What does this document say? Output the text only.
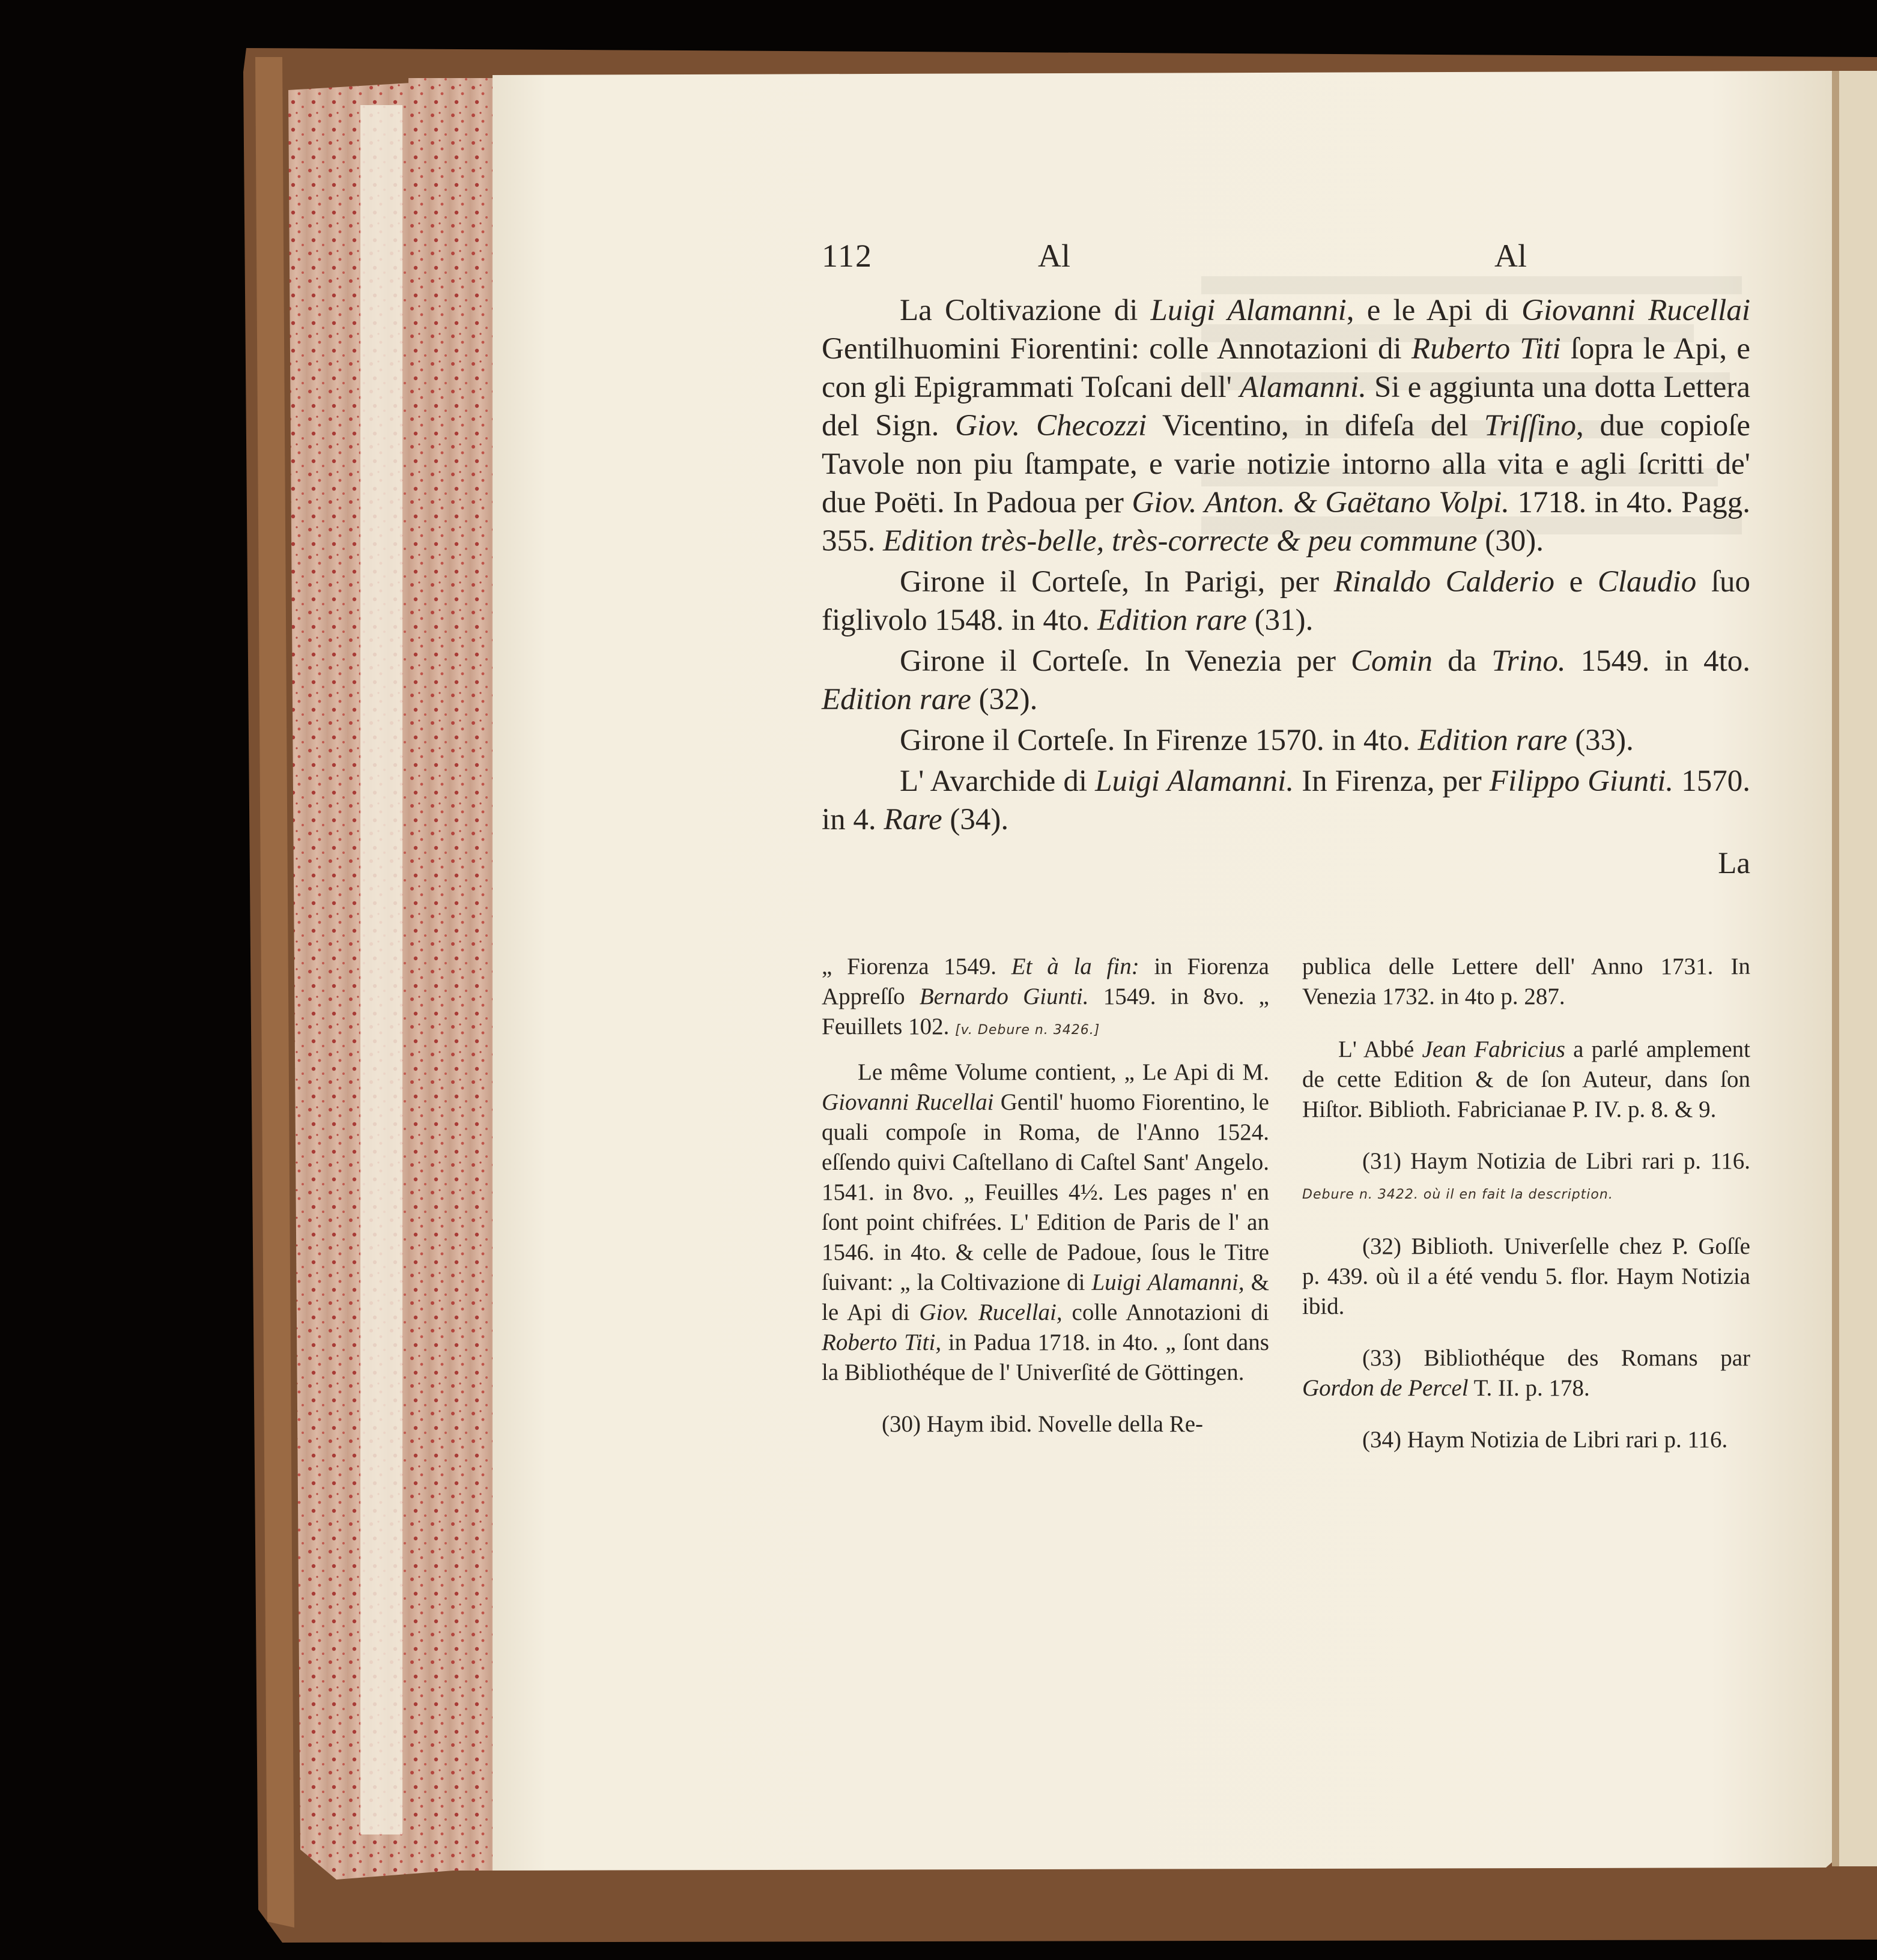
112	Al	Al

La Coltivazione di Luigi Alamanni, e le Api di Giovanni Rucellai Gentilhuomini Fiorentini: colle Annotazioni di Ruberto Titi ſopra le Api, e con gli Epigrammati Toſcani dell' Alamanni. Si e aggiunta una dotta Lettera del Sign. Giov. Checozzi Vicentino, in difeſa del Triſſino, due copioſe Tavole non piu ſtampate, e varie notizie intorno alla vita e agli ſcritti de' due Poëti. In Padoua per Giov. Anton. & Gaëtano Volpi. 1718. in 4to. Pagg. 355. Edition très-belle, très-correcte & peu commune (30).

Girone il Corteſe, In Parigi, per Rinaldo Calderio e Claudio ſuo figlivolo 1548. in 4to. Edition rare (31).

Girone il Corteſe. In Venezia per Comin da Trino. 1549. in 4to. Edition rare (32).

Girone il Corteſe. In Firenze 1570. in 4to. Edition rare (33).

L' Avarchide di Luigi Alamanni. In Firenza, per Filippo Giunti. 1570. in 4. Rare (34).

La

„ Fiorenza 1549. Et à la fin: in Fiorenza Appreſſo Bernardo Giunti. 1549. in 8vo. „ Feuillets 102. [v. Debure n. 3426.]

Le même Volume contient, „ Le Api di M. Giovanni Rucellai Gentil' huomo Fiorentino, le quali compoſe in Roma, de l'Anno 1524. eſſendo quivi Caſtellano di Caſtel Sant' Angelo. 1541. in 8vo. „ Feuilles 4½. Les pages n' en ſont point chifrées. L' Edition de Paris de l' an 1546. in 4to. & celle de Padoue, ſous le Titre ſuivant: „ la Coltivazione di Luigi Alamanni, & le Api di Giov. Rucellai, colle Annotazioni di Roberto Titi, in Padua 1718. in 4to. „ ſont dans la Bibliothéque de l' Univerſité de Göttingen.

(30) Haym ibid. Novelle della Re-

publica delle Lettere dell' Anno 1731. In Venezia 1732. in 4to p. 287.

L' Abbé Jean Fabricius a parlé amplement de cette Edition & de ſon Auteur, dans ſon Hiſtor. Biblioth. Fabricianae P. IV. p. 8. & 9.

(31) Haym Notizia de Libri rari p. 116. Debure n. 3422. où il en fait la description.

(32) Biblioth. Univerſelle chez P. Goſſe p. 439. où il a été vendu 5. flor. Haym Notizia ibid.

(33) Bibliothéque des Romans par Gordon de Percel T. II. p. 178.

(34) Haym Notizia de Libri rari p. 116.
